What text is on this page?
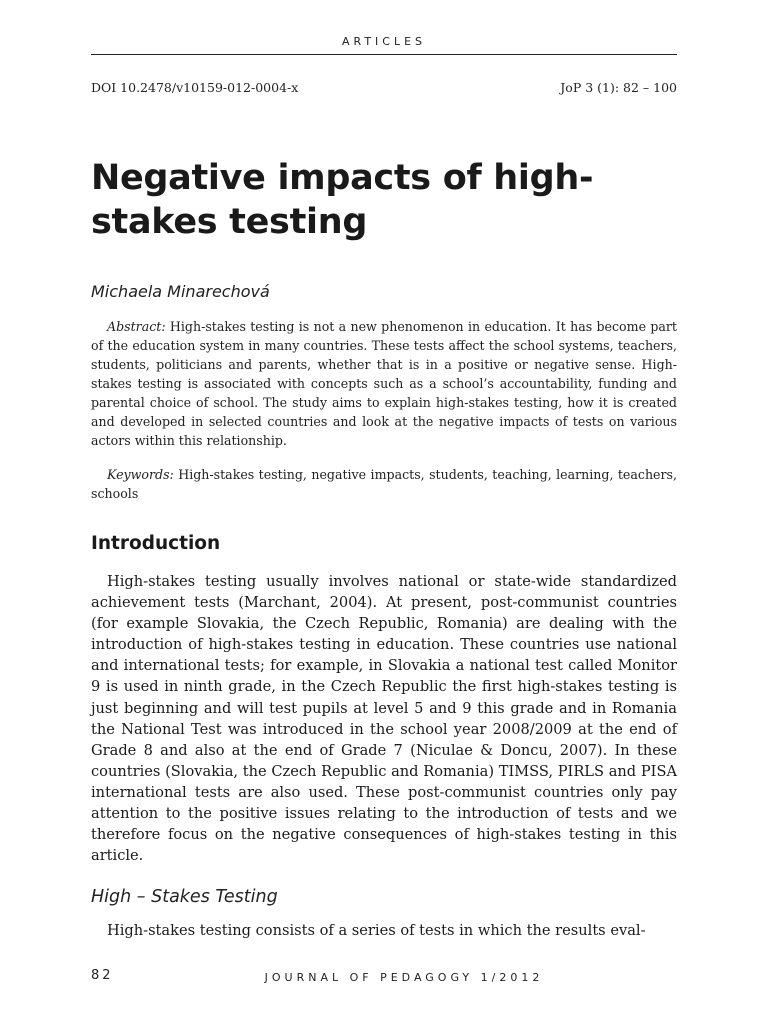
ARTICLES
DOI 10.2478/v10159-012-0004-x	JoP 3 (1): 82 – 100
Negative impacts of high-stakes testing
Michaela Minarechová

Abstract: High-stakes testing is not a new phenomenon in education. It has become part of the education system in many countries. These tests affect the school systems, teachers, students, politicians and parents, whether that is in a positive or negative sense. High-stakes testing is associated with concepts such as a school’s accountability, funding and parental choice of school. The study aims to explain high-stakes testing, how it is created and developed in selected countries and look at the negative impacts of tests on various actors within this relationship.

Keywords: High-stakes testing, negative impacts, students, teaching, learning, teachers, schools

Introduction

High-stakes testing usually involves national or state-wide standardized achievement tests (Marchant, 2004). At present, post-communist countries (for example Slovakia, the Czech Republic, Romania) are dealing with the introduction of high-stakes testing in education. These countries use national and international tests; for example, in Slovakia a national test called Monitor 9 is used in ninth grade, in the Czech Republic the first high-stakes testing is just beginning and will test pupils at level 5 and 9 this grade and in Romania the National Test was introduced in the school year 2008/2009 at the end of Grade 8 and also at the end of Grade 7 (Niculae & Doncu, 2007). In these countries (Slovakia, the Czech Republic and Romania) TIMSS, PIRLS and PISA international tests are also used. These post-communist countries only pay attention to the positive issues relating to the introduction of tests and we therefore focus on the negative consequences of high-stakes testing in this article.

High – Stakes Testing

High-stakes testing consists of a series of tests in which the results eval-

82	JOURNAL OF PEDAGOGY 1/2012
